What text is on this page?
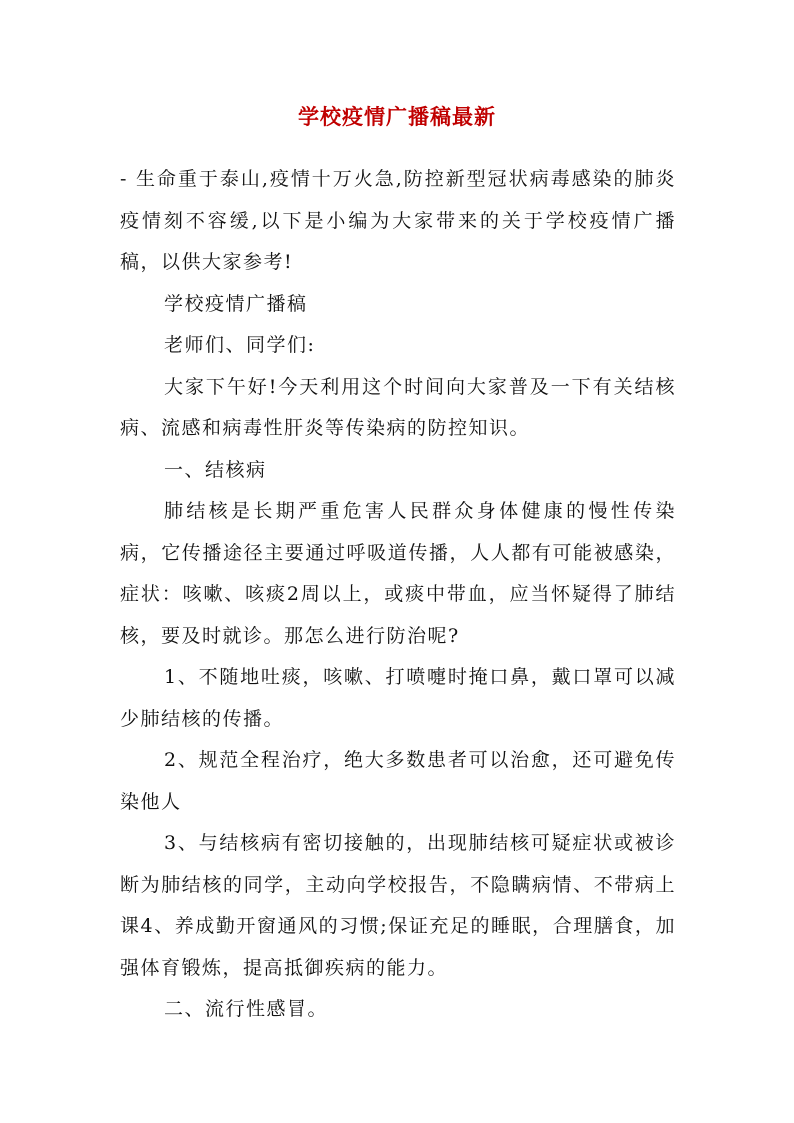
学校疫情广播稿最新

- 生命重于泰山,疫情十万火急,防控新型冠状病毒感染的肺炎疫情刻不容缓,以下是小编为大家带来的关于学校疫情广播稿，以供大家参考!

学校疫情广播稿

老师们、同学们:

大家下午好!今天利用这个时间向大家普及一下有关结核病、流感和病毒性肝炎等传染病的防控知识。

一、结核病

肺结核是长期严重危害人民群众身体健康的慢性传染病，它传播途径主要通过呼吸道传播，人人都有可能被感染，症状：咳嗽、咳痰2周以上，或痰中带血，应当怀疑得了肺结核，要及时就诊。那怎么进行防治呢?

1、不随地吐痰，咳嗽、打喷嚏时掩口鼻，戴口罩可以减少肺结核的传播。

2、规范全程治疗，绝大多数患者可以治愈，还可避免传染他人

3、与结核病有密切接触的，出现肺结核可疑症状或被诊断为肺结核的同学，主动向学校报告，不隐瞒病情、不带病上课4、养成勤开窗通风的习惯;保证充足的睡眠，合理膳食，加强体育锻炼，提高抵御疾病的能力。

二、流行性感冒。
